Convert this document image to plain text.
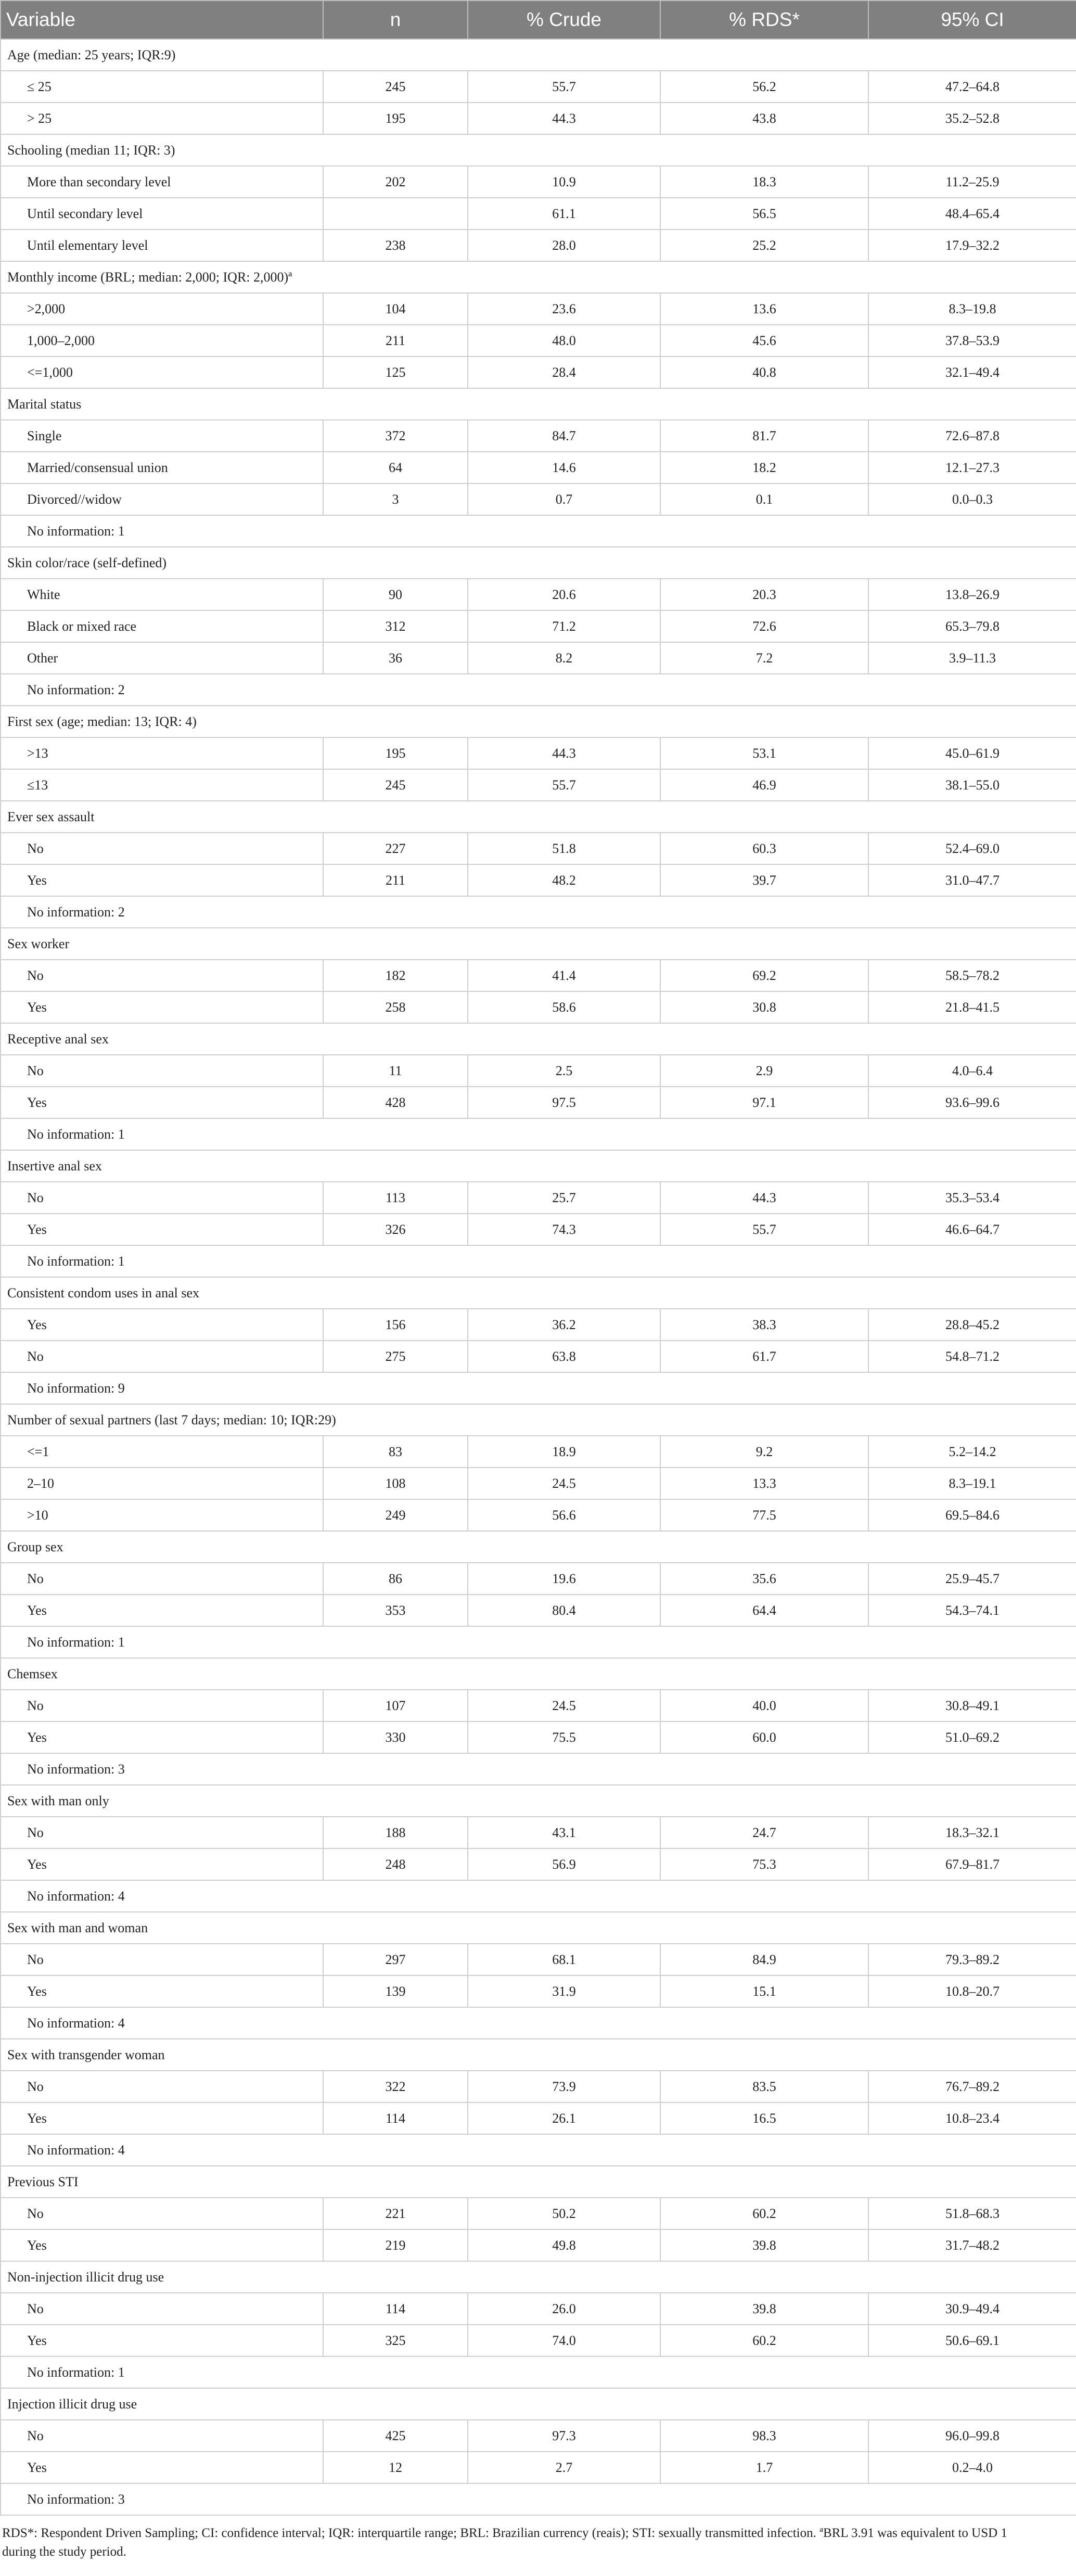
Variable	n	% Crude	% RDS*	95% CI
Age (median: 25 years; IQR:9)				
≤ 25	245	55.7	56.2	47.2–64.8
> 25	195	44.3	43.8	35.2–52.8
Schooling (median 11; IQR: 3)				
More than secondary level	202	10.9	18.3	11.2–25.9
Until secondary level		61.1	56.5	48.4–65.4
Until elementary level	238	28.0	25.2	17.9–32.2
Monthly income (BRL; median: 2,000; IQR: 2,000)ª				
>2,000	104	23.6	13.6	8.3–19.8
1,000–2,000	211	48.0	45.6	37.8–53.9
<=1,000	125	28.4	40.8	32.1–49.4
Marital status				
Single	372	84.7	81.7	72.6–87.8
Married/consensual union	64	14.6	18.2	12.1–27.3
Divorced//widow	3	0.7	0.1	0.0–0.3
No information: 1				
Skin color/race (self-defined)				
White	90	20.6	20.3	13.8–26.9
Black or mixed race	312	71.2	72.6	65.3–79.8
Other	36	8.2	7.2	3.9–11.3
No information: 2				
First sex (age; median: 13; IQR: 4)				
>13	195	44.3	53.1	45.0–61.9
≤13	245	55.7	46.9	38.1–55.0
Ever sex assault				
No	227	51.8	60.3	52.4–69.0
Yes	211	48.2	39.7	31.0–47.7
No information: 2				
Sex worker				
No	182	41.4	69.2	58.5–78.2
Yes	258	58.6	30.8	21.8–41.5
Receptive anal sex				
No	11	2.5	2.9	4.0–6.4
Yes	428	97.5	97.1	93.6–99.6
No information: 1				
Insertive anal sex				
No	113	25.7	44.3	35.3–53.4
Yes	326	74.3	55.7	46.6–64.7
No information: 1				
Consistent condom uses in anal sex				
Yes	156	36.2	38.3	28.8–45.2
No	275	63.8	61.7	54.8–71.2
No information: 9				
Number of sexual partners (last 7 days; median: 10; IQR:29)				
<=1	83	18.9	9.2	5.2–14.2
2–10	108	24.5	13.3	8.3–19.1
>10	249	56.6	77.5	69.5–84.6
Group sex				
No	86	19.6	35.6	25.9–45.7
Yes	353	80.4	64.4	54.3–74.1
No information: 1				
Chemsex				
No	107	24.5	40.0	30.8–49.1
Yes	330	75.5	60.0	51.0–69.2
No information: 3				
Sex with man only				
No	188	43.1	24.7	18.3–32.1
Yes	248	56.9	75.3	67.9–81.7
No information: 4				
Sex with man and woman				
No	297	68.1	84.9	79.3–89.2
Yes	139	31.9	15.1	10.8–20.7
No information: 4				
Sex with transgender woman				
No	322	73.9	83.5	76.7–89.2
Yes	114	26.1	16.5	10.8–23.4
No information: 4				
Previous STI				
No	221	50.2	60.2	51.8–68.3
Yes	219	49.8	39.8	31.7–48.2
Non-injection illicit drug use				
No	114	26.0	39.8	30.9–49.4
Yes	325	74.0	60.2	50.6–69.1
No information: 1				
Injection illicit drug use				
No	425	97.3	98.3	96.0–99.8
Yes	12	2.7	1.7	0.2–4.0
No information: 3				
RDS*: Respondent Driven Sampling; CI: confidence interval; IQR: interquartile range; BRL: Brazilian currency (reais); STI: sexually transmitted infection. ªBRL 3.91 was equivalent to USD 1
during the study period.
